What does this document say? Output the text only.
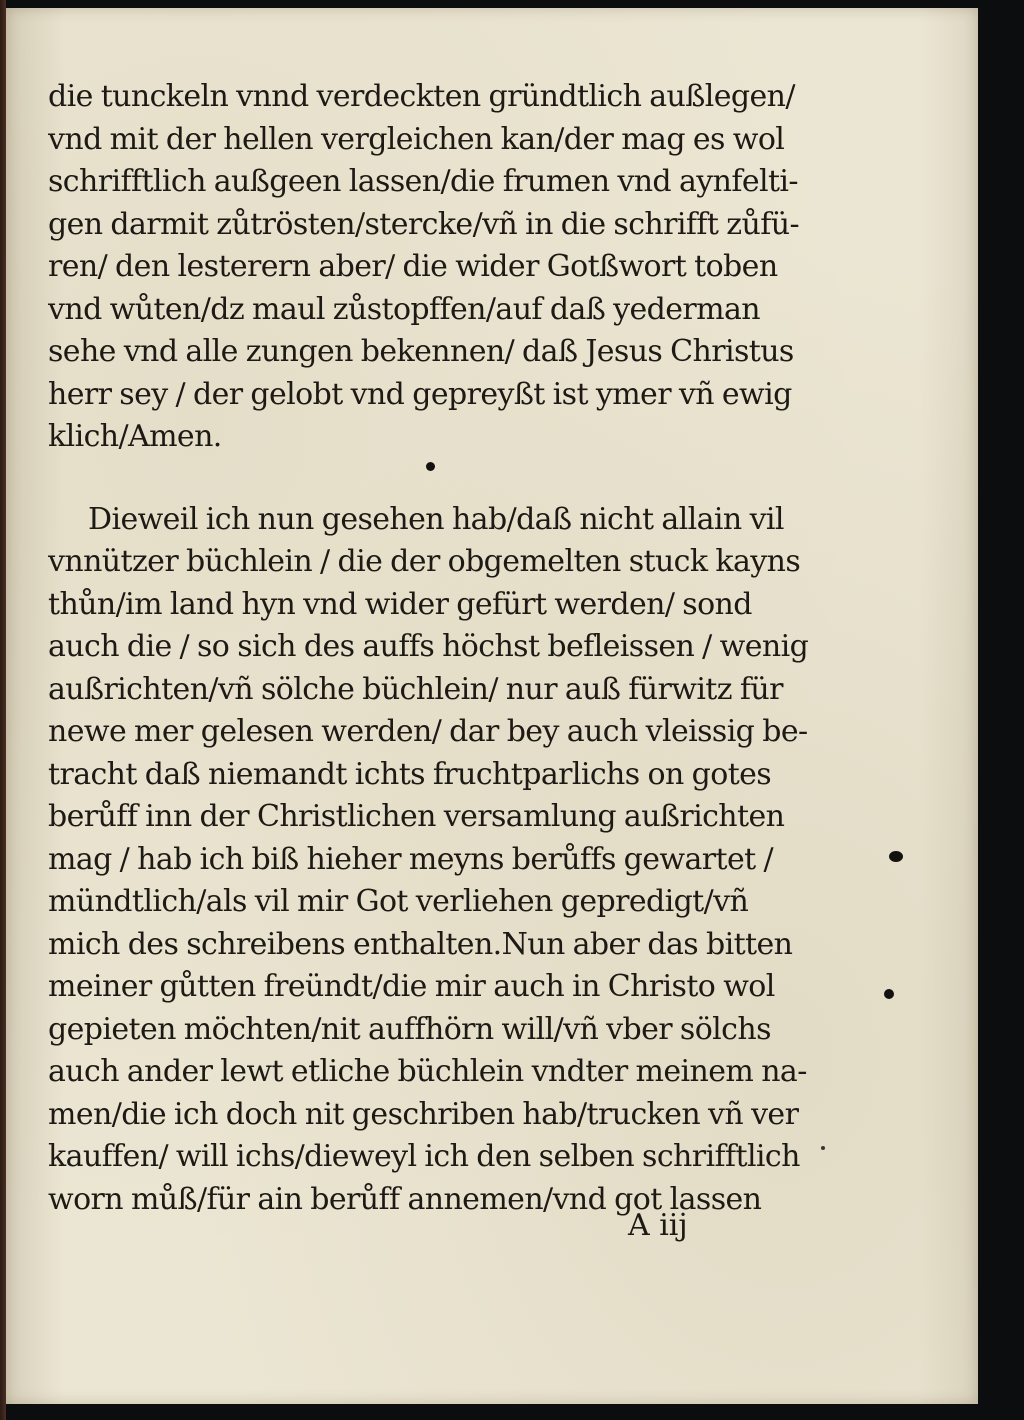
die tunckeln vnnd verdeckten gründtlich außlegen/
vnd mit der hellen vergleichen kan/der mag es wol
schrifftlich außgeen lassen/die frumen vnd aynfelti-
gen darmit zůtrösten/stercke/vñ in die schrifft zůfü-
ren/ den lesterern aber/ die wider Gotßwort toben
vnd wůten/dz maul zůstopffen/auf daß yederman
sehe vnd alle zungen bekennen/ daß Jesus Christus
herr sey / der gelobt vnd gepreyßt ist ymer vñ ewig
klich/Amen.
Dieweil ich nun gesehen hab/daß nicht allain vil
vnnützer büchlein / die der obgemelten stuck kayns
thůn/im land hyn vnd wider gefürt werden/ sond
auch die / so sich des auffs höchst befleissen / wenig
außrichten/vñ sölche büchlein/ nur auß fürwitz für
newe mer gelesen werden/ dar bey auch vleissig be-
tracht daß niemandt ichts fruchtparlichs on gotes
berůff inn der Christlichen versamlung außrichten
mag / hab ich biß hieher meyns berůffs gewartet /
mündtlich/als vil mir Got verliehen gepredigt/vñ
mich des schreibens enthalten.Nun aber das bitten
meiner gůtten freündt/die mir auch in Christo wol
gepieten möchten/nit auffhörn will/vñ vber sölchs
auch ander lewt etliche büchlein vndter meinem na-
men/die ich doch nit geschriben hab/trucken vñ ver
kauffen/ will ichs/dieweyl ich den selben schrifftlich
worn můß/für ain berůff annemen/vnd got lassen
A iij
